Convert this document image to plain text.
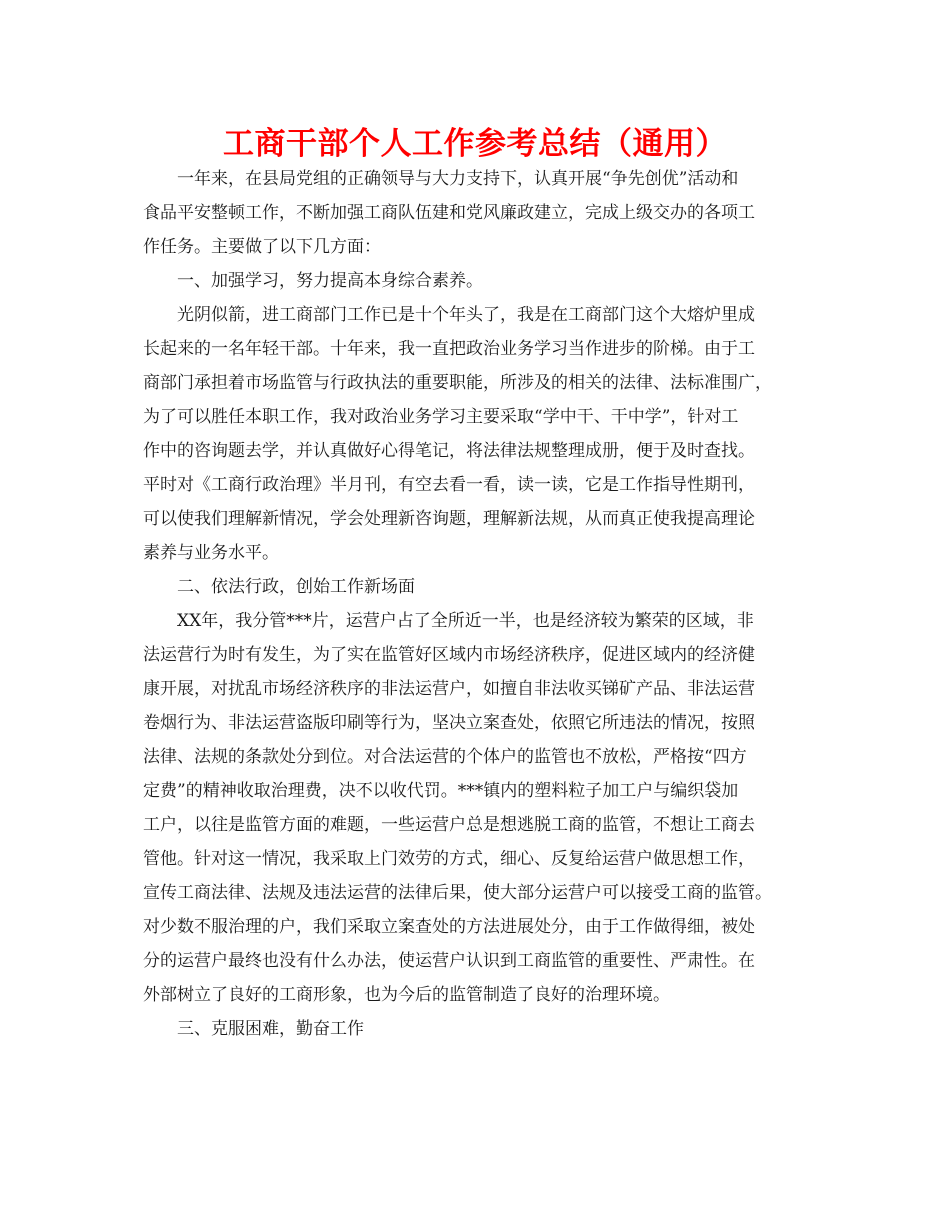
工商干部个人工作参考总结（通用）
一年来，在县局党组的正确领导与大力支持下，认真开展“争先创优”活动和
食品平安整顿工作，不断加强工商队伍建和党风廉政建立，完成上级交办的各项工
作任务。主要做了以下几方面：
一、加强学习，努力提高本身综合素养。
光阴似箭，进工商部门工作已是十个年头了，我是在工商部门这个大熔炉里成
长起来的一名年轻干部。十年来，我一直把政治业务学习当作进步的阶梯。由于工
商部门承担着市场监管与行政执法的重要职能，所涉及的相关的法律、法标准围广，
为了可以胜任本职工作，我对政治业务学习主要采取“学中干、干中学”，针对工
作中的咨询题去学，并认真做好心得笔记，将法律法规整理成册，便于及时查找。
平时对《工商行政治理》半月刊，有空去看一看，读一读，它是工作指导性期刊，
可以使我们理解新情况，学会处理新咨询题，理解新法规，从而真正使我提高理论
素养与业务水平。
二、依法行政，创始工作新场面
XX年，我分管***片，运营户占了全所近一半，也是经济较为繁荣的区域，非
法运营行为时有发生，为了实在监管好区域内市场经济秩序，促进区域内的经济健
康开展，对扰乱市场经济秩序的非法运营户，如擅自非法收买锑矿产品、非法运营
卷烟行为、非法运营盗版印刷等行为，坚决立案查处，依照它所违法的情况，按照
法律、法规的条款处分到位。对合法运营的个体户的监管也不放松，严格按“四方
定费”的精神收取治理费，决不以收代罚。***镇内的塑料粒子加工户与编织袋加
工户，以往是监管方面的难题，一些运营户总是想逃脱工商的监管，不想让工商去
管他。针对这一情况，我采取上门效劳的方式，细心、反复给运营户做思想工作，
宣传工商法律、法规及违法运营的法律后果，使大部分运营户可以接受工商的监管。
对少数不服治理的户，我们采取立案查处的方法进展处分，由于工作做得细，被处
分的运营户最终也没有什么办法，使运营户认识到工商监管的重要性、严肃性。在
外部树立了良好的工商形象，也为今后的监管制造了良好的治理环境。
三、克服困难，勤奋工作
